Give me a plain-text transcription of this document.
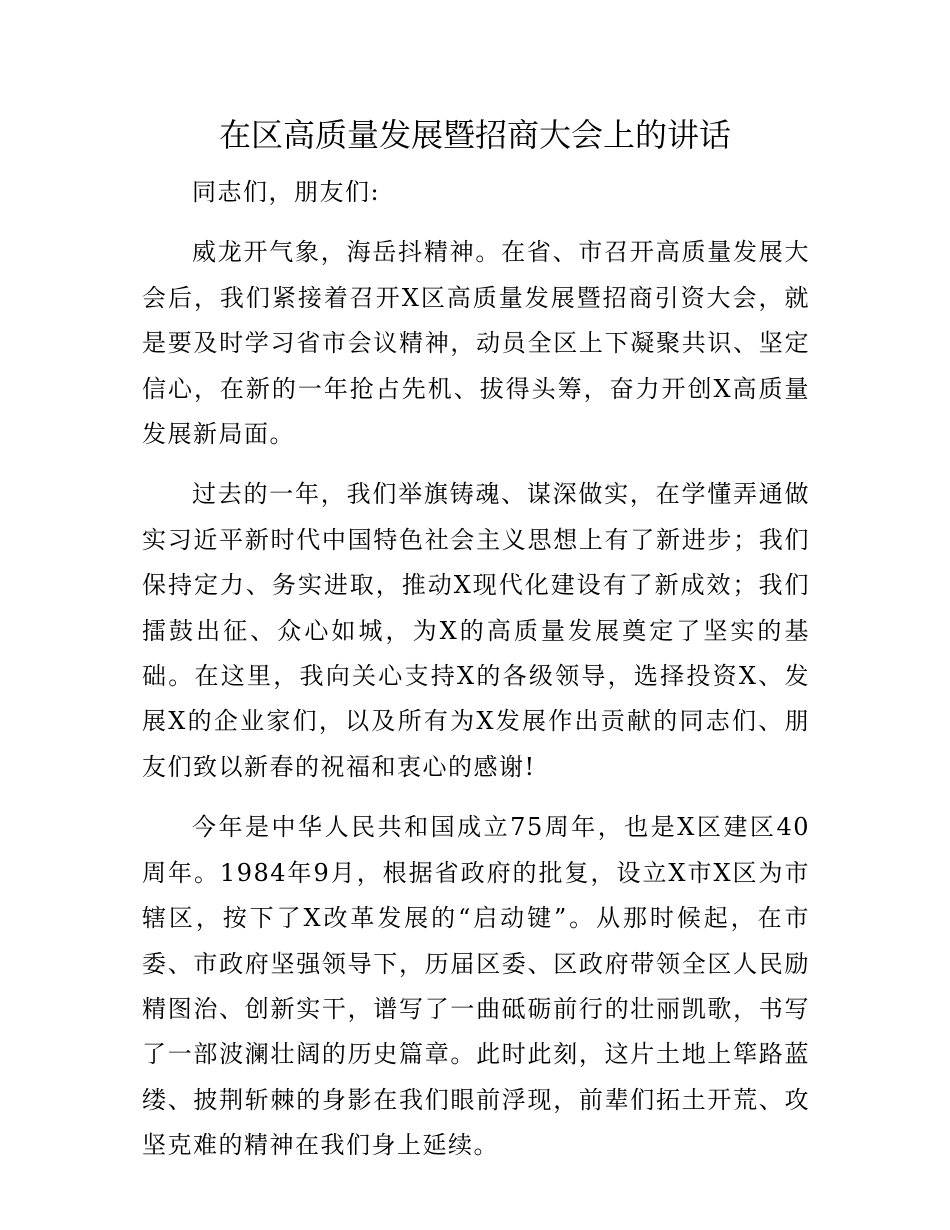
在区高质量发展暨招商大会上的讲话

同志们，朋友们:

威龙开气象，海岳抖精神。在省、市召开高质量发展大会后，我们紧接着召开X区高质量发展暨招商引资大会，就是要及时学习省市会议精神，动员全区上下凝聚共识、坚定信心，在新的一年抢占先机、拔得头筹，奋力开创X高质量发展新局面。

过去的一年，我们举旗铸魂、谋深做实，在学懂弄通做实习近平新时代中国特色社会主义思想上有了新进步；我们保持定力、务实进取，推动X现代化建设有了新成效；我们擂鼓出征、众心如城，为X的高质量发展奠定了坚实的基础。在这里，我向关心支持X的各级领导，选择投资X、发展X的企业家们，以及所有为X发展作出贡献的同志们、朋友们致以新春的祝福和衷心的感谢!

今年是中华人民共和国成立75周年，也是X区建区40周年。1984年9月，根据省政府的批复，设立X市X区为市辖区，按下了X改革发展的“启动键”。从那时候起，在市委、市政府坚强领导下，历届区委、区政府带领全区人民励精图治、创新实干，谱写了一曲砥砺前行的壮丽凯歌，书写了一部波澜壮阔的历史篇章。此时此刻，这片土地上筚路蓝缕、披荆斩棘的身影在我们眼前浮现，前辈们拓土开荒、攻坚克难的精神在我们身上延续。
